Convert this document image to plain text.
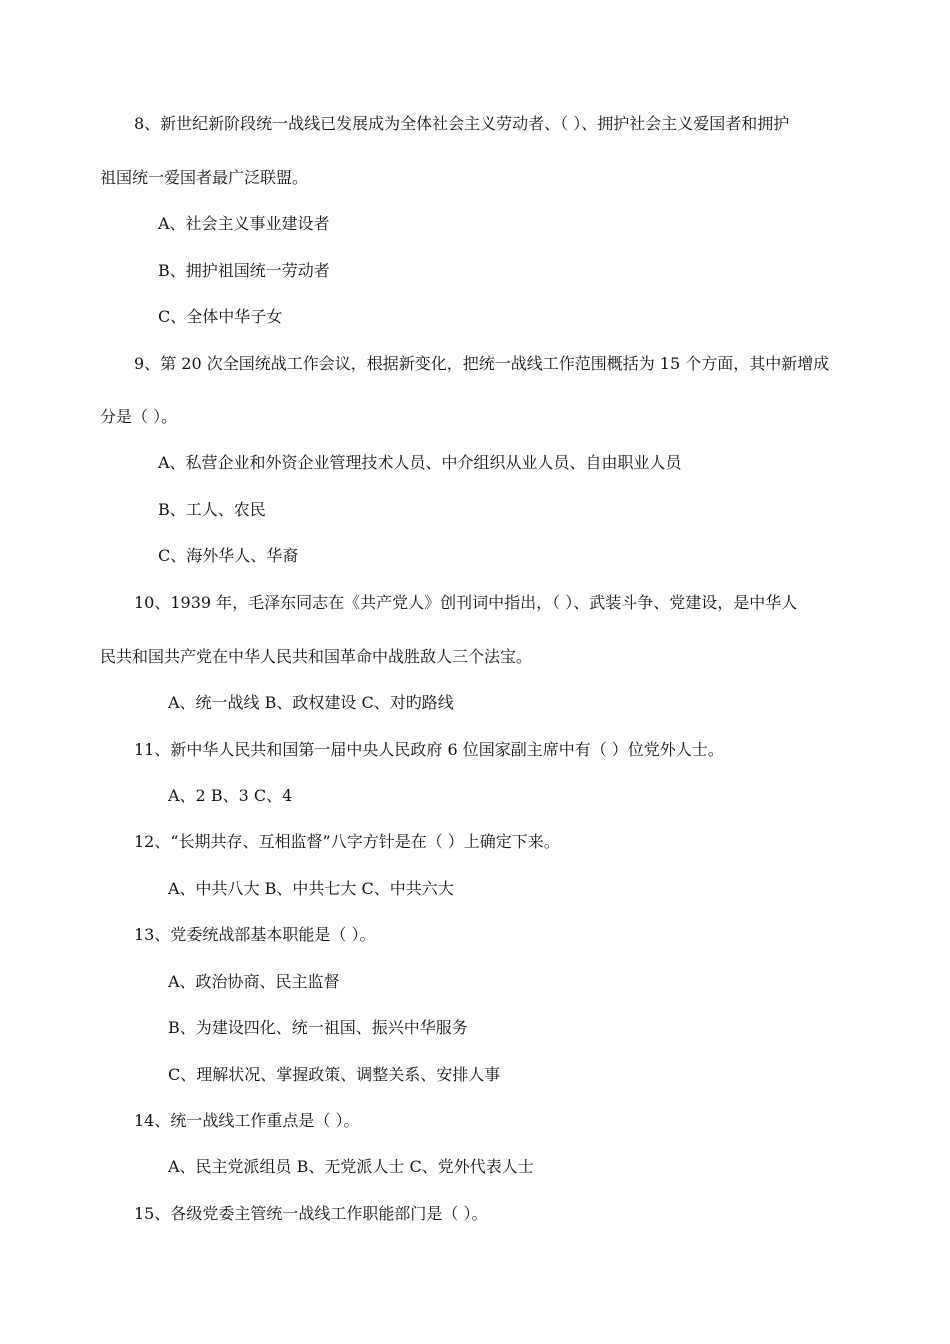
8、新世纪新阶段统一战线已发展成为全体社会主义劳动者、（ ）、拥护社会主义爱国者和拥护
祖国统一爱国者最广泛联盟。
A、社会主义事业建设者
B、拥护祖国统一劳动者
C、全体中华子女
9、第 20 次全国统战工作会议，根据新变化，把统一战线工作范围概括为 15 个方面，其中新增成
分是（ ）。
A、私营企业和外资企业管理技术人员、中介组织从业人员、自由职业人员
B、工人、农民
C、海外华人、华裔
10、1939 年，毛泽东同志在《共产党人》创刊词中指出，（ ）、武装斗争、党建设，是中华人
民共和国共产党在中华人民共和国革命中战胜敌人三个法宝。
A、统一战线 B、政权建设 C、对旳路线
11、新中华人民共和国第一届中央人民政府 6 位国家副主席中有（ ）位党外人士。
A、2 B、3 C、4
12、“长期共存、互相监督”八字方针是在（ ）上确定下来。
A、中共八大 B、中共七大 C、中共六大
13、党委统战部基本职能是（ ）。
A、政治协商、民主监督
B、为建设四化、统一祖国、振兴中华服务
C、理解状况、掌握政策、调整关系、安排人事
14、统一战线工作重点是（ ）。
A、民主党派组员 B、无党派人士 C、党外代表人士
15、各级党委主管统一战线工作职能部门是（ ）。
